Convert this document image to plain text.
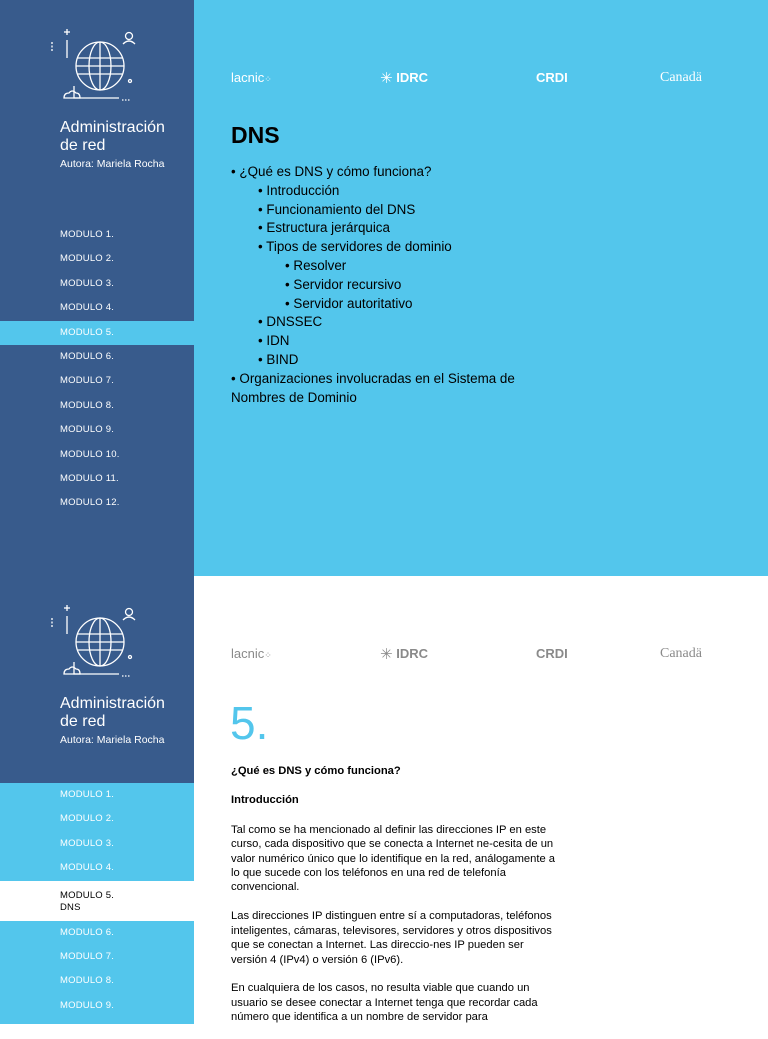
Administración
de red
Autora: Mariela Rocha
MODULO 1.
MODULO 2.
MODULO 3.
MODULO 4.
MODULO 5.
MODULO 6.
MODULO 7.
MODULO 8.
MODULO 9.
MODULO 10.
MODULO 11.
MODULO 12.
lacnic⁘	✳ IDRC	CRDI	Canadä
DNS
• ¿Qué es DNS y cómo funciona?
• Introducción
• Funcionamiento del DNS
• Estructura jerárquica
• Tipos de servidores de dominio
• Resolver
• Servidor recursivo
• Servidor autoritativo
• DNSSEC
• IDN
• BIND
• Organizaciones involucradas en el Sistema de Nombres de Dominio
Administración
de red
Autora: Mariela Rocha
MODULO 1.
MODULO 2.
MODULO 3.
MODULO 4.
MODULO 5.
DNS
MODULO 6.
MODULO 7.
MODULO 8.
MODULO 9.
lacnic⁘	✳ IDRC	CRDI	Canadä
5.
¿Qué es DNS y cómo funciona?
Introducción

Tal como se ha mencionado al definir las direcciones IP en este curso, cada dispositivo que se conecta a Internet ne-cesita de un valor numérico único que lo identifique en la red, análogamente a lo que sucede con los teléfonos en una red de telefonía convencional.

Las direcciones IP distinguen entre sí a computadoras, teléfonos inteligentes, cámaras, televisores, servidores y otros dispositivos que se conectan a Internet. Las direccio-nes IP pueden ser versión 4 (IPv4) o versión 6 (IPv6).

En cualquiera de los casos, no resulta viable que cuando un usuario se desee conectar a Internet tenga que recordar cada número que identifica a un nombre de servidor para
